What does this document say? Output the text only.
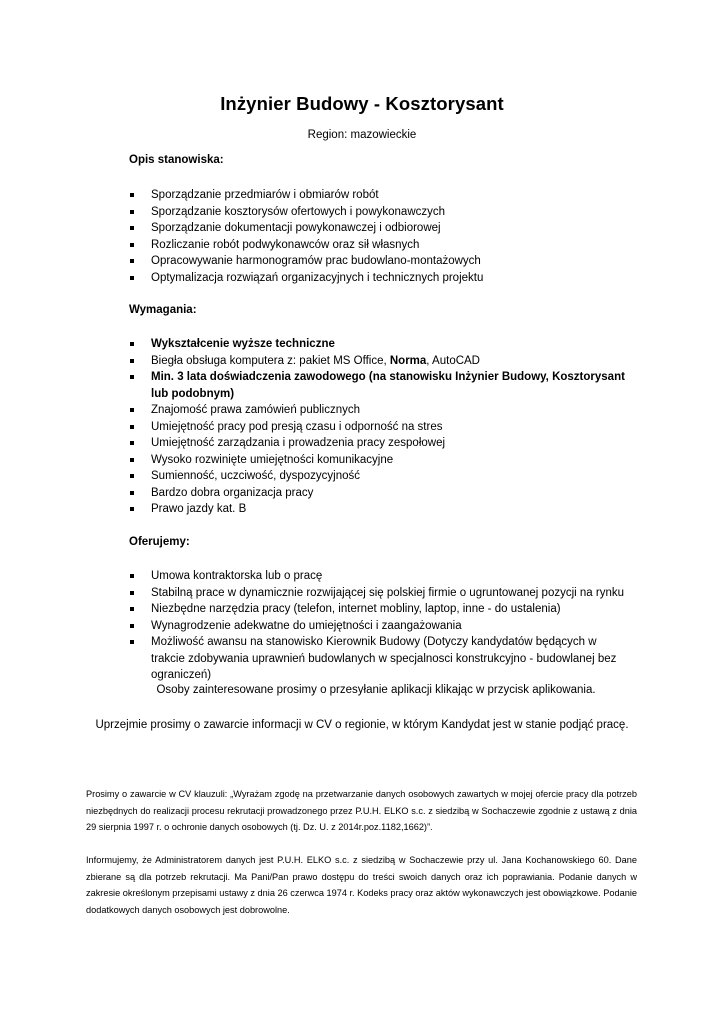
Inżynier Budowy - Kosztorysant

Region: mazowieckie

Opis stanowiska:

Sporządzanie przedmiarów i obmiarów robót
Sporządzanie kosztorysów ofertowych i powykonawczych
Sporządzanie dokumentacji powykonawczej i odbiorowej
Rozliczanie robót podwykonawców oraz sił własnych
Opracowywanie harmonogramów prac budowlano-montażowych
Optymalizacja rozwiązań organizacyjnych i technicznych projektu

Wymagania:

Wykształcenie wyższe techniczne
Biegła obsługa komputera z: pakiet MS Office, Norma, AutoCAD
Min. 3 lata doświadczenia zawodowego (na stanowisku Inżynier Budowy, Kosztorysant lub podobnym)
Znajomość prawa zamówień publicznych
Umiejętność pracy pod presją czasu i odporność na stres
Umiejętność zarządzania i prowadzenia pracy zespołowej
Wysoko rozwinięte umiejętności komunikacyjne
Sumienność, uczciwość, dyspozycyjność
Bardzo dobra organizacja pracy
Prawo jazdy kat. B

Oferujemy:

Umowa kontraktorska lub o pracę
Stabilną prace w dynamicznie rozwijającej się polskiej firmie o ugruntowanej pozycji na rynku
Niezbędne narzędzia pracy (telefon, internet mobliny, laptop, inne - do ustalenia)
Wynagrodzenie adekwatne do umiejętności i zaangażowania
Możliwość awansu na stanowisko Kierownik Budowy (Dotyczy kandydatów będących w trakcie zdobywania uprawnień budowlanych w specjalnosci konstrukcyjno - budowlanej bez ograniczeń)

Osoby zainteresowane prosimy o przesyłanie aplikacji klikając w przycisk aplikowania.

Uprzejmie prosimy o zawarcie informacji w CV o regionie, w którym Kandydat jest w stanie podjąć pracę.

Prosimy o zawarcie w CV klauzuli: „Wyrażam zgodę na przetwarzanie danych osobowych zawartych w mojej ofercie pracy dla potrzeb niezbędnych do realizacji procesu rekrutacji prowadzonego przez P.U.H. ELKO s.c. z siedzibą w Sochaczewie zgodnie z ustawą z dnia 29 sierpnia 1997 r. o ochronie danych osobowych (tj. Dz. U. z 2014r.poz.1182,1662)”.

Informujemy, że Administratorem danych jest P.U.H. ELKO s.c. z siedzibą w Sochaczewie przy ul. Jana Kochanowskiego 60. Dane zbierane są dla potrzeb rekrutacji. Ma Pani/Pan prawo dostępu do treści swoich danych oraz ich poprawiania. Podanie danych w zakresie określonym przepisami ustawy z dnia 26 czerwca 1974 r. Kodeks pracy oraz aktów wykonawczych jest obowiązkowe. Podanie dodatkowych danych osobowych jest dobrowolne.
